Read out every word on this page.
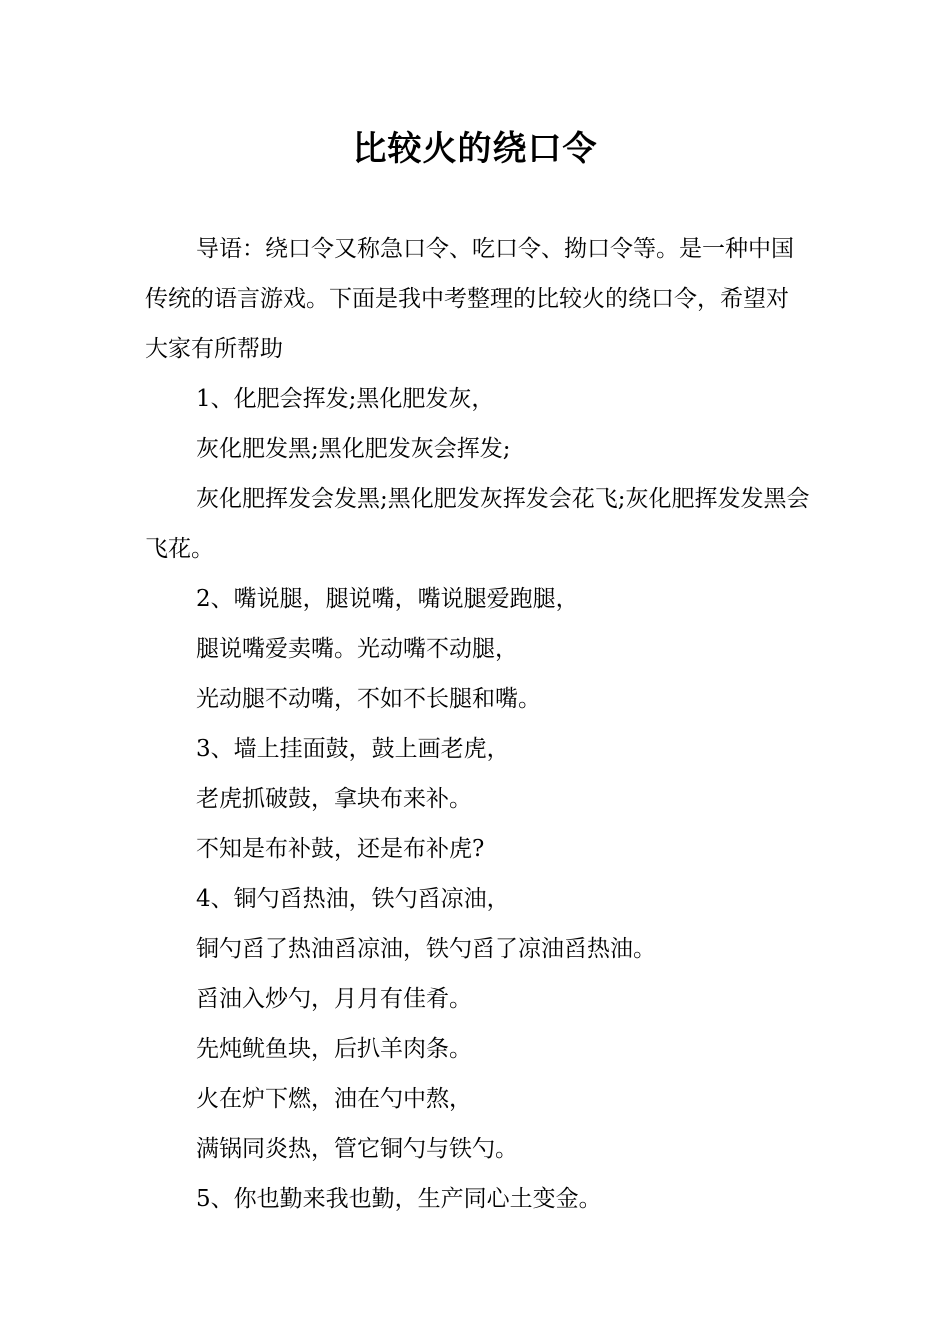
比较火的绕口令

导语：绕口令又称急口令、吃口令、拗口令等。是一种中国传统的语言游戏。下面是我中考整理的比较火的绕口令，希望对大家有所帮助

1、化肥会挥发;黑化肥发灰，

灰化肥发黑;黑化肥发灰会挥发;

灰化肥挥发会发黑;黑化肥发灰挥发会花飞;灰化肥挥发发黑会飞花。

2、嘴说腿，腿说嘴，嘴说腿爱跑腿，

腿说嘴爱卖嘴。光动嘴不动腿，

光动腿不动嘴，不如不长腿和嘴。

3、墙上挂面鼓，鼓上画老虎，

老虎抓破鼓，拿块布来补。

不知是布补鼓，还是布补虎?

4、铜勺舀热油，铁勺舀凉油，

铜勺舀了热油舀凉油，铁勺舀了凉油舀热油。

舀油入炒勺，月月有佳肴。

先炖鱿鱼块，后扒羊肉条。

火在炉下燃，油在勺中熬，

满锅同炎热，管它铜勺与铁勺。

5、你也勤来我也勤，生产同心土变金。
